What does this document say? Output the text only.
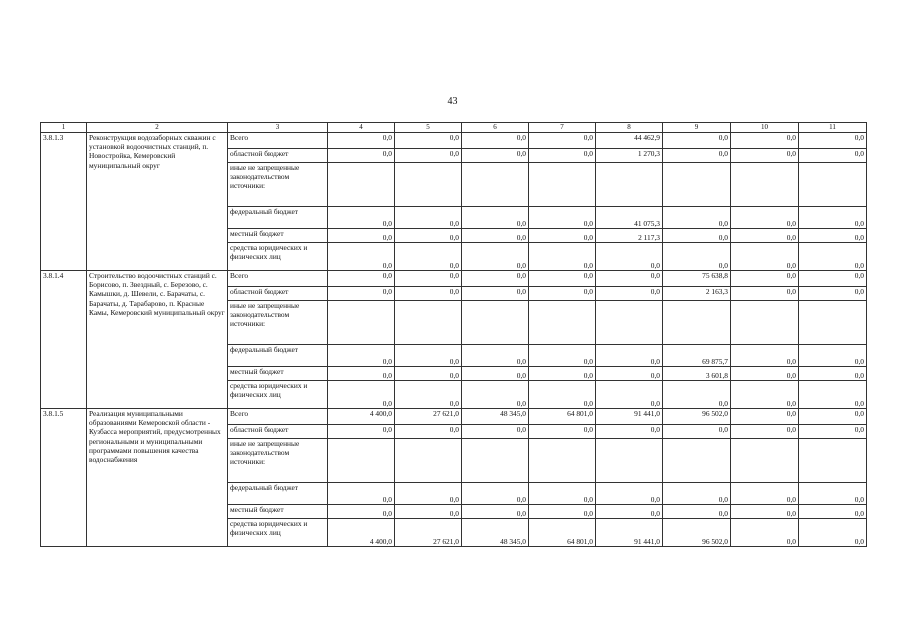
43
1	2	3	4	5	6	7	8	9	10	11
3.8.1.3	Реконструкция водозаборных скважин с установкой водоочистных станций, п. Новостройка, Кемеровский муниципальный округ	Всего	0,0	0,0	0,0	0,0	44 462,9	0,0	0,0	0,0
		областной бюджет	0,0	0,0	0,0	0,0	1 270,3	0,0	0,0	0,0
		иные не запрещенные законодательством источники:								
		федеральный бюджет	0,0	0,0	0,0	0,0	41 075,3	0,0	0,0	0,0
		местный бюджет	0,0	0,0	0,0	0,0	2 117,3	0,0	0,0	0,0
		средства юридических и физических лиц	0,0	0,0	0,0	0,0	0,0	0,0	0,0	0,0
3.8.1.4	Строительство водоочистных станций с. Борисово, п. Звездный, с. Березово, с. Камышки, д. Шевели, с. Барачаты, с. Барачаты, д. Тарабарово, п. Красные Камы, Кемеровский муниципальный округ	Всего	0,0	0,0	0,0	0,0	0,0	75 638,8	0,0	0,0
		областной бюджет	0,0	0,0	0,0	0,0	0,0	2 163,3	0,0	0,0
		иные не запрещенные законодательством источники:								
		федеральный бюджет	0,0	0,0	0,0	0,0	0,0	69 875,7	0,0	0,0
		местный бюджет	0,0	0,0	0,0	0,0	0,0	3 601,8	0,0	0,0
		средства юридических и физических лиц	0,0	0,0	0,0	0,0	0,0	0,0	0,0	0,0
3.8.1.5	Реализация муниципальными образованиями Кемеровской области - Кузбасса мероприятий, предусмотренных региональными и муниципальными программами повышения качества водоснабжения	Всего	4 400,0	27 621,0	48 345,0	64 801,0	91 441,0	96 502,0	0,0	0,0
		областной бюджет	0,0	0,0	0,0	0,0	0,0	0,0	0,0	0,0
		иные не запрещенные законодательством источники:								
		федеральный бюджет	0,0	0,0	0,0	0,0	0,0	0,0	0,0	0,0
		местный бюджет	0,0	0,0	0,0	0,0	0,0	0,0	0,0	0,0
		средства юридических и физических лиц	4 400,0	27 621,0	48 345,0	64 801,0	91 441,0	96 502,0	0,0	0,0
